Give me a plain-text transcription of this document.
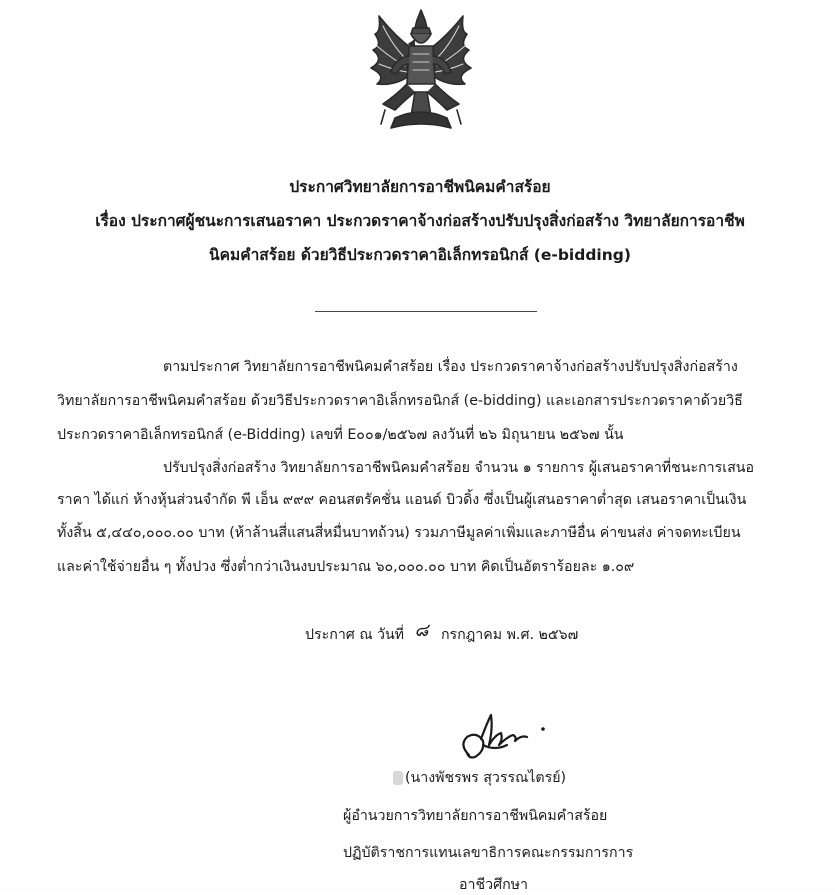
ประกาศวิทยาลัยการอาชีพนิคมคำสร้อย
เรื่อง ประกาศผู้ชนะการเสนอราคา ประกวดราคาจ้างก่อสร้างปรับปรุงสิ่งก่อสร้าง วิทยาลัยการอาชีพ
นิคมคำสร้อย ด้วยวิธีประกวดราคาอิเล็กทรอนิกส์ (e-bidding)
ตามประกาศ วิทยาลัยการอาชีพนิคมคำสร้อย เรื่อง ประกวดราคาจ้างก่อสร้างปรับปรุงสิ่งก่อสร้าง
วิทยาลัยการอาชีพนิคมคำสร้อย ด้วยวิธีประกวดราคาอิเล็กทรอนิกส์ (e-bidding) และเอกสารประกวดราคาด้วยวิธี
ประกวดราคาอิเล็กทรอนิกส์ (e-Bidding) เลขที่ E๐๐๑/๒๕๖๗ ลงวันที่ ๒๖ มิถุนายน ๒๕๖๗ นั้น
ปรับปรุงสิ่งก่อสร้าง วิทยาลัยการอาชีพนิคมคำสร้อย จำนวน ๑ รายการ ผู้เสนอราคาที่ชนะการเสนอ
ราคา ได้แก่ ห้างหุ้นส่วนจำกัด พี เอ็น ๙๙๙ คอนสตรัคชั่น แอนด์ บิวดิ้ง ซึ่งเป็นผู้เสนอราคาต่ำสุด เสนอราคาเป็นเงิน
ทั้งสิ้น ๕,๔๔๐,๐๐๐.๐๐ บาท (ห้าล้านสี่แสนสี่หมื่นบาทถ้วน) รวมภาษีมูลค่าเพิ่มและภาษีอื่น ค่าขนส่ง ค่าจดทะเบียน
และค่าใช้จ่ายอื่น ๆ ทั้งปวง ซึ่งต่ำกว่าเงินงบประมาณ ๖๐,๐๐๐.๐๐ บาท คิดเป็นอัตราร้อยละ ๑.๐๙
ประกาศ ณ วันที่ ๘ กรกฎาคม พ.ศ. ๒๕๖๗
(นางพัชรพร สุวรรณไตรย์)
ผู้อำนวยการวิทยาลัยการอาชีพนิคมคำสร้อย
ปฏิบัติราชการแทนเลขาธิการคณะกรรมการการ
อาชีวศึกษา
